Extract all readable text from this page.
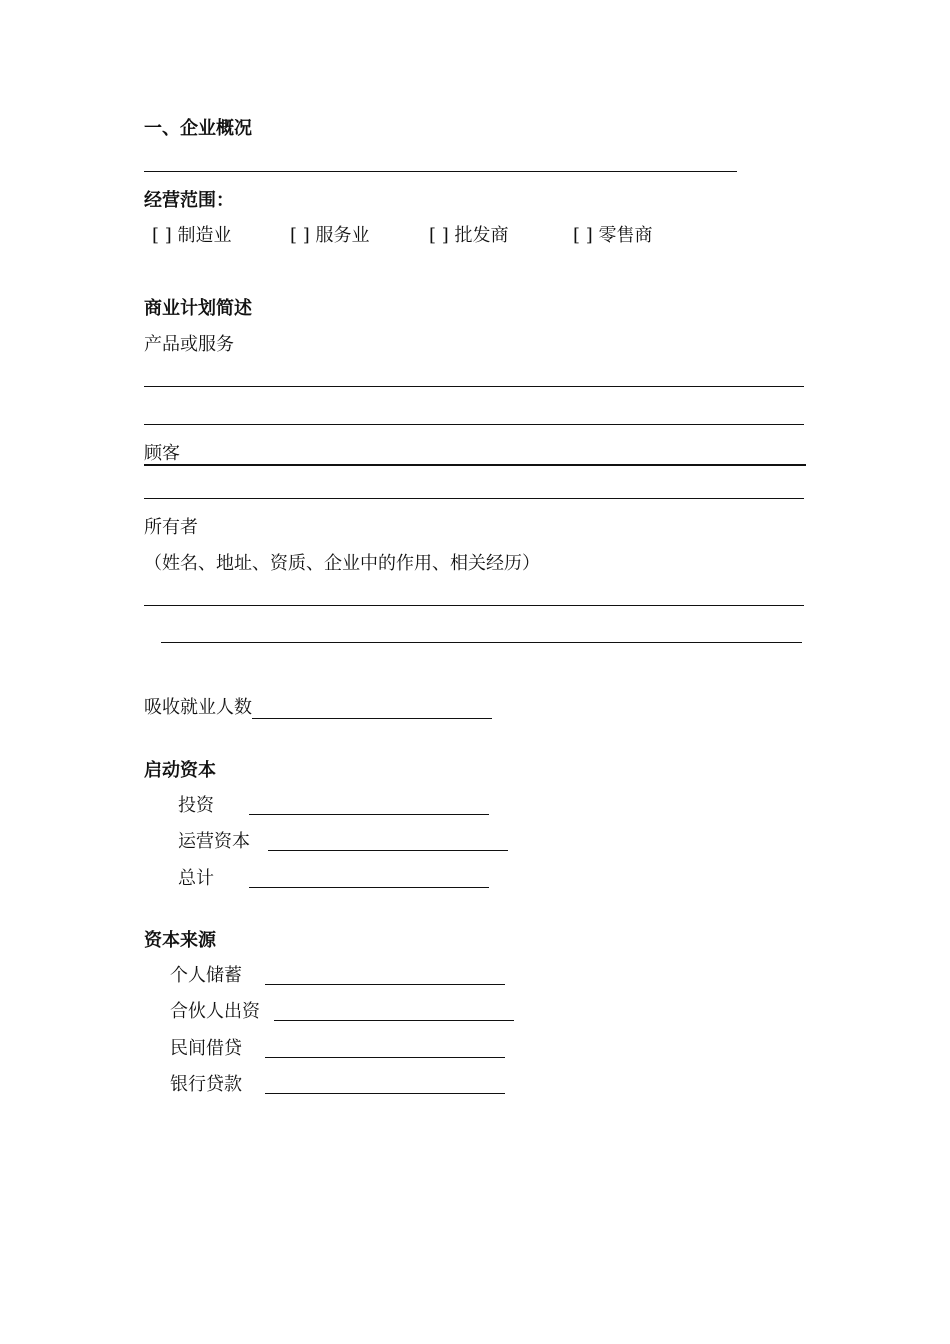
一、企业概况
经营范围：
[ ] 制造业	[ ] 服务业	[ ] 批发商	[ ] 零售商
商业计划简述
产品或服务
顾客
所有者
（姓名、地址、资质、企业中的作用、相关经历）
吸收就业人数
启动资本
投资
运营资本
总计
资本来源
个人储蓄
合伙人出资
民间借贷
银行贷款
